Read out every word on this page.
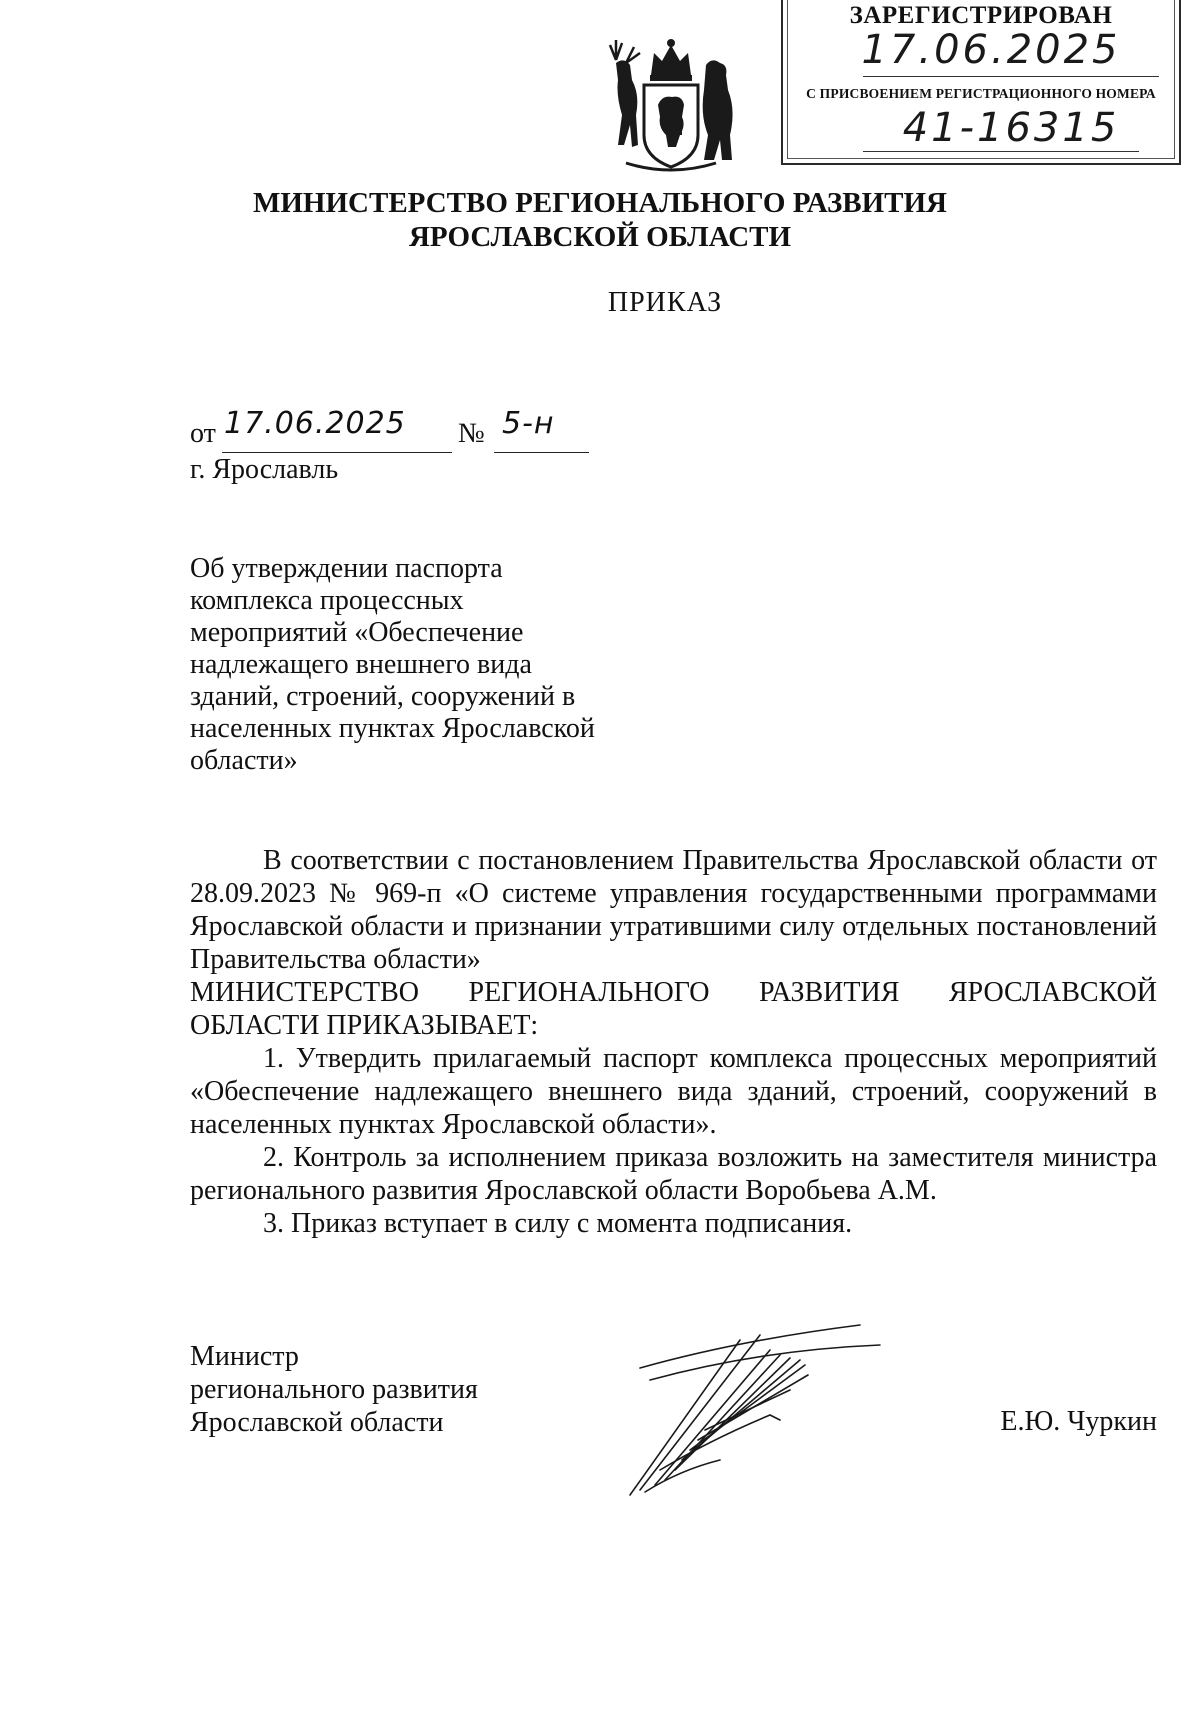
ЗАРЕГИСТРИРОВАН
17.06.2025
С ПРИСВОЕНИЕМ РЕГИСТРАЦИОННОГО НОМЕРА
41-16315
МИНИСТЕРСТВО РЕГИОНАЛЬНОГО РАЗВИТИЯ
ЯРОСЛАВСКОЙ ОБЛАСТИ
ПРИКАЗ
от 17.06.2025 № 5-н
г. Ярославль
Об утверждении паспорта комплекса процессных мероприятий «Обеспечение надлежащего внешнего вида зданий, строений, сооружений в населенных пунктах Ярославской области»

В соответствии с постановлением Правительства Ярославской области от 28.09.2023 № 969-п «О системе управления государственными программами Ярославской области и признании утратившими силу отдельных постановлений Правительства области»

МИНИСТЕРСТВО РЕГИОНАЛЬНОГО РАЗВИТИЯ ЯРОСЛАВСКОЙ ОБЛАСТИ ПРИКАЗЫВАЕТ:

1. Утвердить прилагаемый паспорт комплекса процессных мероприятий «Обеспечение надлежащего внешнего вида зданий, строений, сооружений в населенных пунктах Ярославской области».

2. Контроль за исполнением приказа возложить на заместителя министра регионального развития Ярославской области Воробьева А.М.

3. Приказ вступает в силу с момента подписания.

Министр
регионального развития
Ярославской области	Е.Ю. Чуркин
